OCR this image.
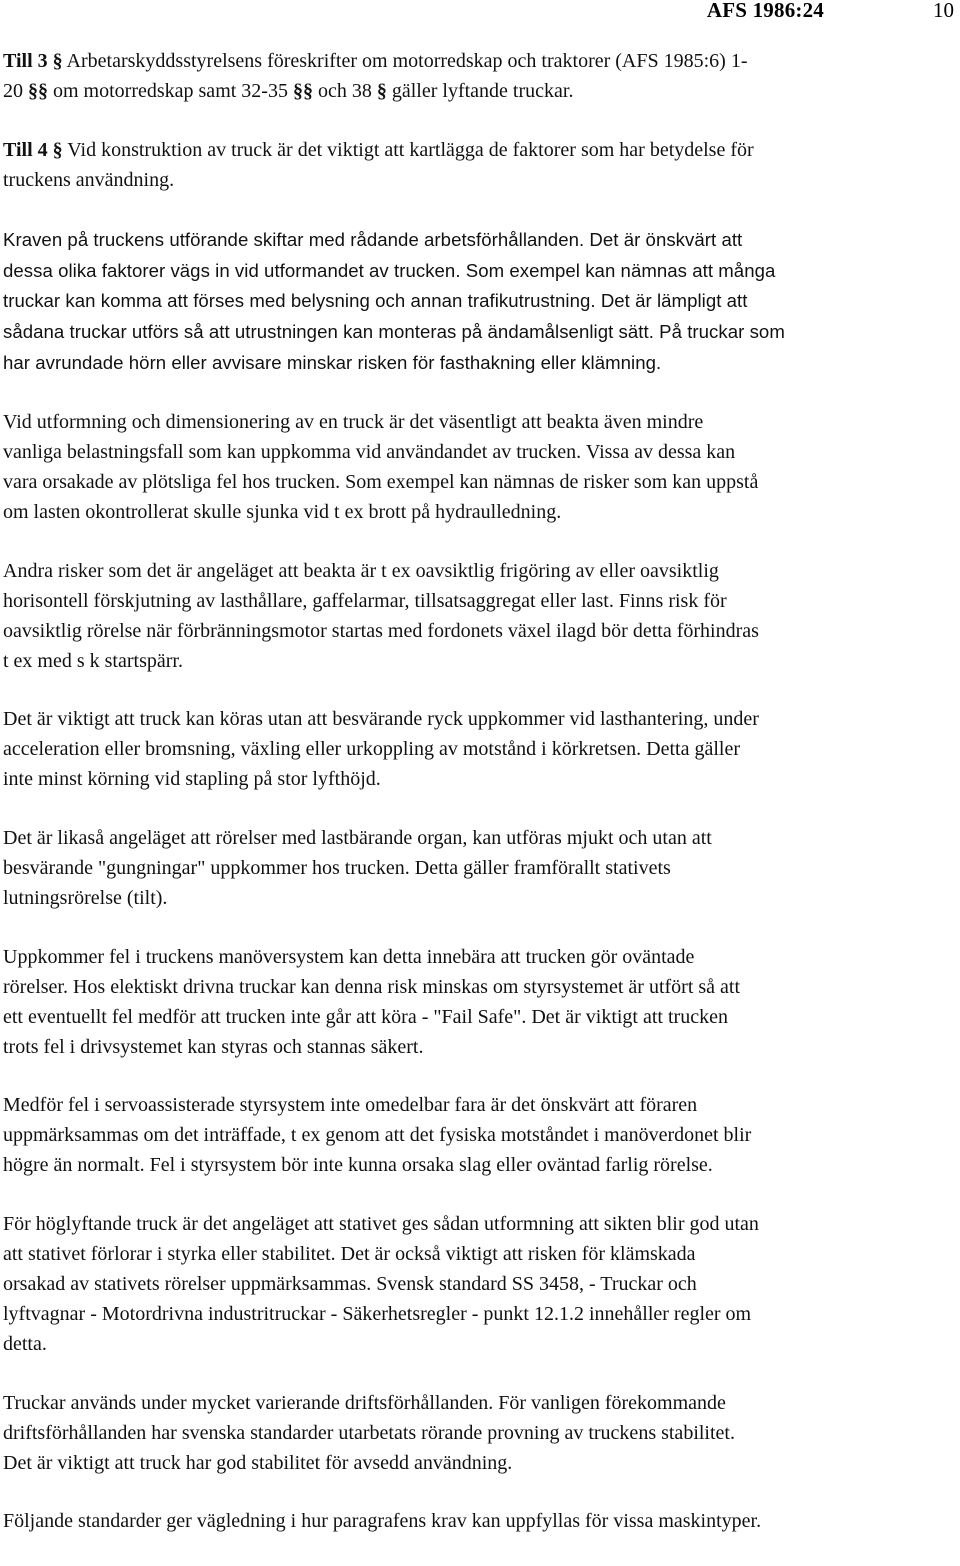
AFS 1986:24	10

Till 3 § Arbetarskyddsstyrelsens föreskrifter om motorredskap och traktorer (AFS 1985:6) 1-
20 §§ om motorredskap samt 32-35 §§ och 38 § gäller lyftande truckar.

Till 4 § Vid konstruktion av truck är det viktigt att kartlägga de faktorer som har betydelse för
truckens användning.

Kraven på truckens utförande skiftar med rådande arbetsförhållanden. Det är önskvärt att
dessa olika faktorer vägs in vid utformandet av trucken. Som exempel kan nämnas att många
truckar kan komma att förses med belysning och annan trafikutrustning. Det är lämpligt att
sådana truckar utförs så att utrustningen kan monteras på ändamålsenligt sätt. På truckar som
har avrundade hörn eller avvisare minskar risken för fasthakning eller klämning.

Vid utformning och dimensionering av en truck är det väsentligt att beakta även mindre
vanliga belastningsfall som kan uppkomma vid användandet av trucken. Vissa av dessa kan
vara orsakade av plötsliga fel hos trucken. Som exempel kan nämnas de risker som kan uppstå
om lasten okontrollerat skulle sjunka vid t ex brott på hydraulledning.

Andra risker som det är angeläget att beakta är t ex oavsiktlig frigöring av eller oavsiktlig
horisontell förskjutning av lasthållare, gaffelarmar, tillsatsaggregat eller last. Finns risk för
oavsiktlig rörelse när förbränningsmotor startas med fordonets växel ilagd bör detta förhindras
t ex med s k startspärr.

Det är viktigt att truck kan köras utan att besvärande ryck uppkommer vid lasthantering, under
acceleration eller bromsning, växling eller urkoppling av motstånd i körkretsen. Detta gäller
inte minst körning vid stapling på stor lyfthöjd.

Det är likaså angeläget att rörelser med lastbärande organ, kan utföras mjukt och utan att
besvärande "gungningar" uppkommer hos trucken. Detta gäller framförallt stativets
lutningsrörelse (tilt).

Uppkommer fel i truckens manöversystem kan detta innebära att trucken gör oväntade
rörelser. Hos elektiskt drivna truckar kan denna risk minskas om styrsystemet är utfört så att
ett eventuellt fel medför att trucken inte går att köra - "Fail Safe". Det är viktigt att trucken
trots fel i drivsystemet kan styras och stannas säkert.

Medför fel i servoassisterade styrsystem inte omedelbar fara är det önskvärt att föraren
uppmärksammas om det inträffade, t ex genom att det fysiska motståndet i manöverdonet blir
högre än normalt. Fel i styrsystem bör inte kunna orsaka slag eller oväntad farlig rörelse.

För höglyftande truck är det angeläget att stativet ges sådan utformning att sikten blir god utan
att stativet förlorar i styrka eller stabilitet. Det är också viktigt att risken för klämskada
orsakad av stativets rörelser uppmärksammas. Svensk standard SS 3458, - Truckar och
lyftvagnar - Motordrivna industritruckar - Säkerhetsregler - punkt 12.1.2 innehåller regler om
detta.

Truckar används under mycket varierande driftsförhållanden. För vanligen förekommande
driftsförhållanden har svenska standarder utarbetats rörande provning av truckens stabilitet.
Det är viktigt att truck har god stabilitet för avsedd användning.

Följande standarder ger vägledning i hur paragrafens krav kan uppfyllas för vissa maskintyper.
